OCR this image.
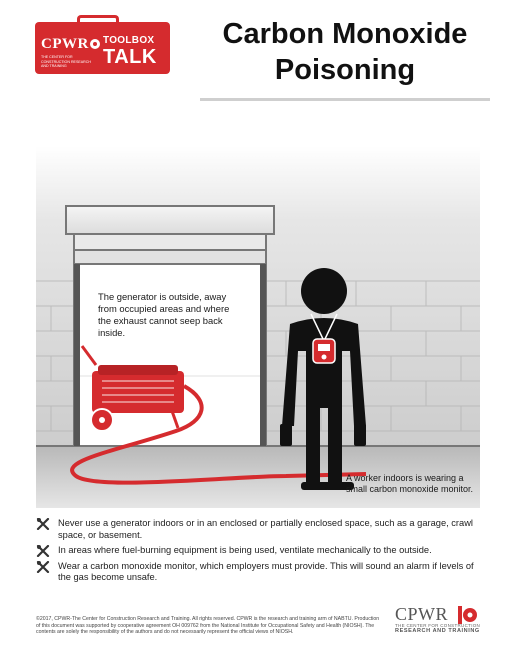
CPWR
THE CENTER FOR CONSTRUCTION RESEARCH AND TRAINING
TOOLBOX
TALK
Carbon Monoxide
Poisoning
The generator is outside, away from occupied areas and where the exhaust cannot seep back inside.
A worker indoors is wearing a small carbon monoxide monitor.
Never use a generator indoors or in an enclosed or partially enclosed space, such as a garage, crawl space, or basement.
In areas where fuel-burning equipment is being used, ventilate mechanically to the outside.
Wear a carbon monoxide monitor, which employers must provide. This will sound an alarm if levels of the gas become unsafe.
©2017, CPWR-The Center for Construction Research and Training. All rights reserved. CPWR is the research and training arm of NABTU. Production of this document was supported by cooperative agreement OH 009762 from the National Institute for Occupational Safety and Health (NIOSH). The contents are solely the responsibility of the authors and do not necessarily represent the official views of NIOSH.
CPWR
THE CENTER FOR CONSTRUCTION
RESEARCH AND TRAINING
